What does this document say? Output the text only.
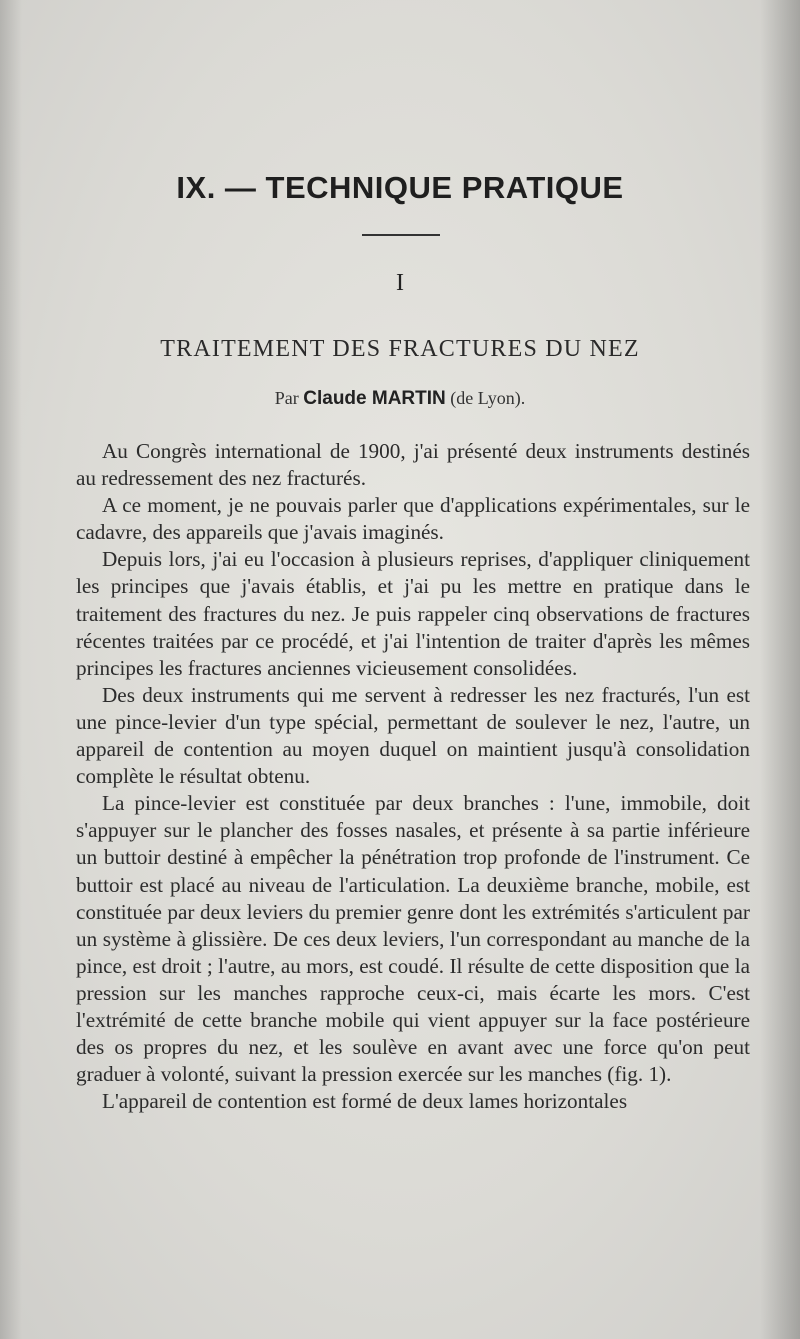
IX. — TECHNIQUE PRATIQUE
I
TRAITEMENT DES FRACTURES DU NEZ
Par Claude MARTIN (de Lyon).

Au Congrès international de 1900, j'ai présenté deux instruments destinés au redressement des nez fracturés.

A ce moment, je ne pouvais parler que d'applications expérimentales, sur le cadavre, des appareils que j'avais imaginés.

Depuis lors, j'ai eu l'occasion à plusieurs reprises, d'appliquer cliniquement les principes que j'avais établis, et j'ai pu les mettre en pratique dans le traitement des fractures du nez. Je puis rappeler cinq observations de fractures récentes traitées par ce procédé, et j'ai l'intention de traiter d'après les mêmes principes les fractures anciennes vicieusement consolidées.

Des deux instruments qui me servent à redresser les nez fracturés, l'un est une pince-levier d'un type spécial, permettant de soulever le nez, l'autre, un appareil de contention au moyen duquel on maintient jusqu'à consolidation complète le résultat obtenu.

La pince-levier est constituée par deux branches : l'une, immobile, doit s'appuyer sur le plancher des fosses nasales, et présente à sa partie inférieure un buttoir destiné à empêcher la pénétration trop profonde de l'instrument. Ce buttoir est placé au niveau de l'articulation. La deuxième branche, mobile, est constituée par deux leviers du premier genre dont les extrémités s'articulent par un système à glissière. De ces deux leviers, l'un correspondant au manche de la pince, est droit ; l'autre, au mors, est coudé. Il résulte de cette disposition que la pression sur les manches rapproche ceux-ci, mais écarte les mors. C'est l'extrémité de cette branche mobile qui vient appuyer sur la face postérieure des os propres du nez, et les soulève en avant avec une force qu'on peut graduer à volonté, suivant la pression exercée sur les manches (fig. 1).

L'appareil de contention est formé de deux lames horizontales
